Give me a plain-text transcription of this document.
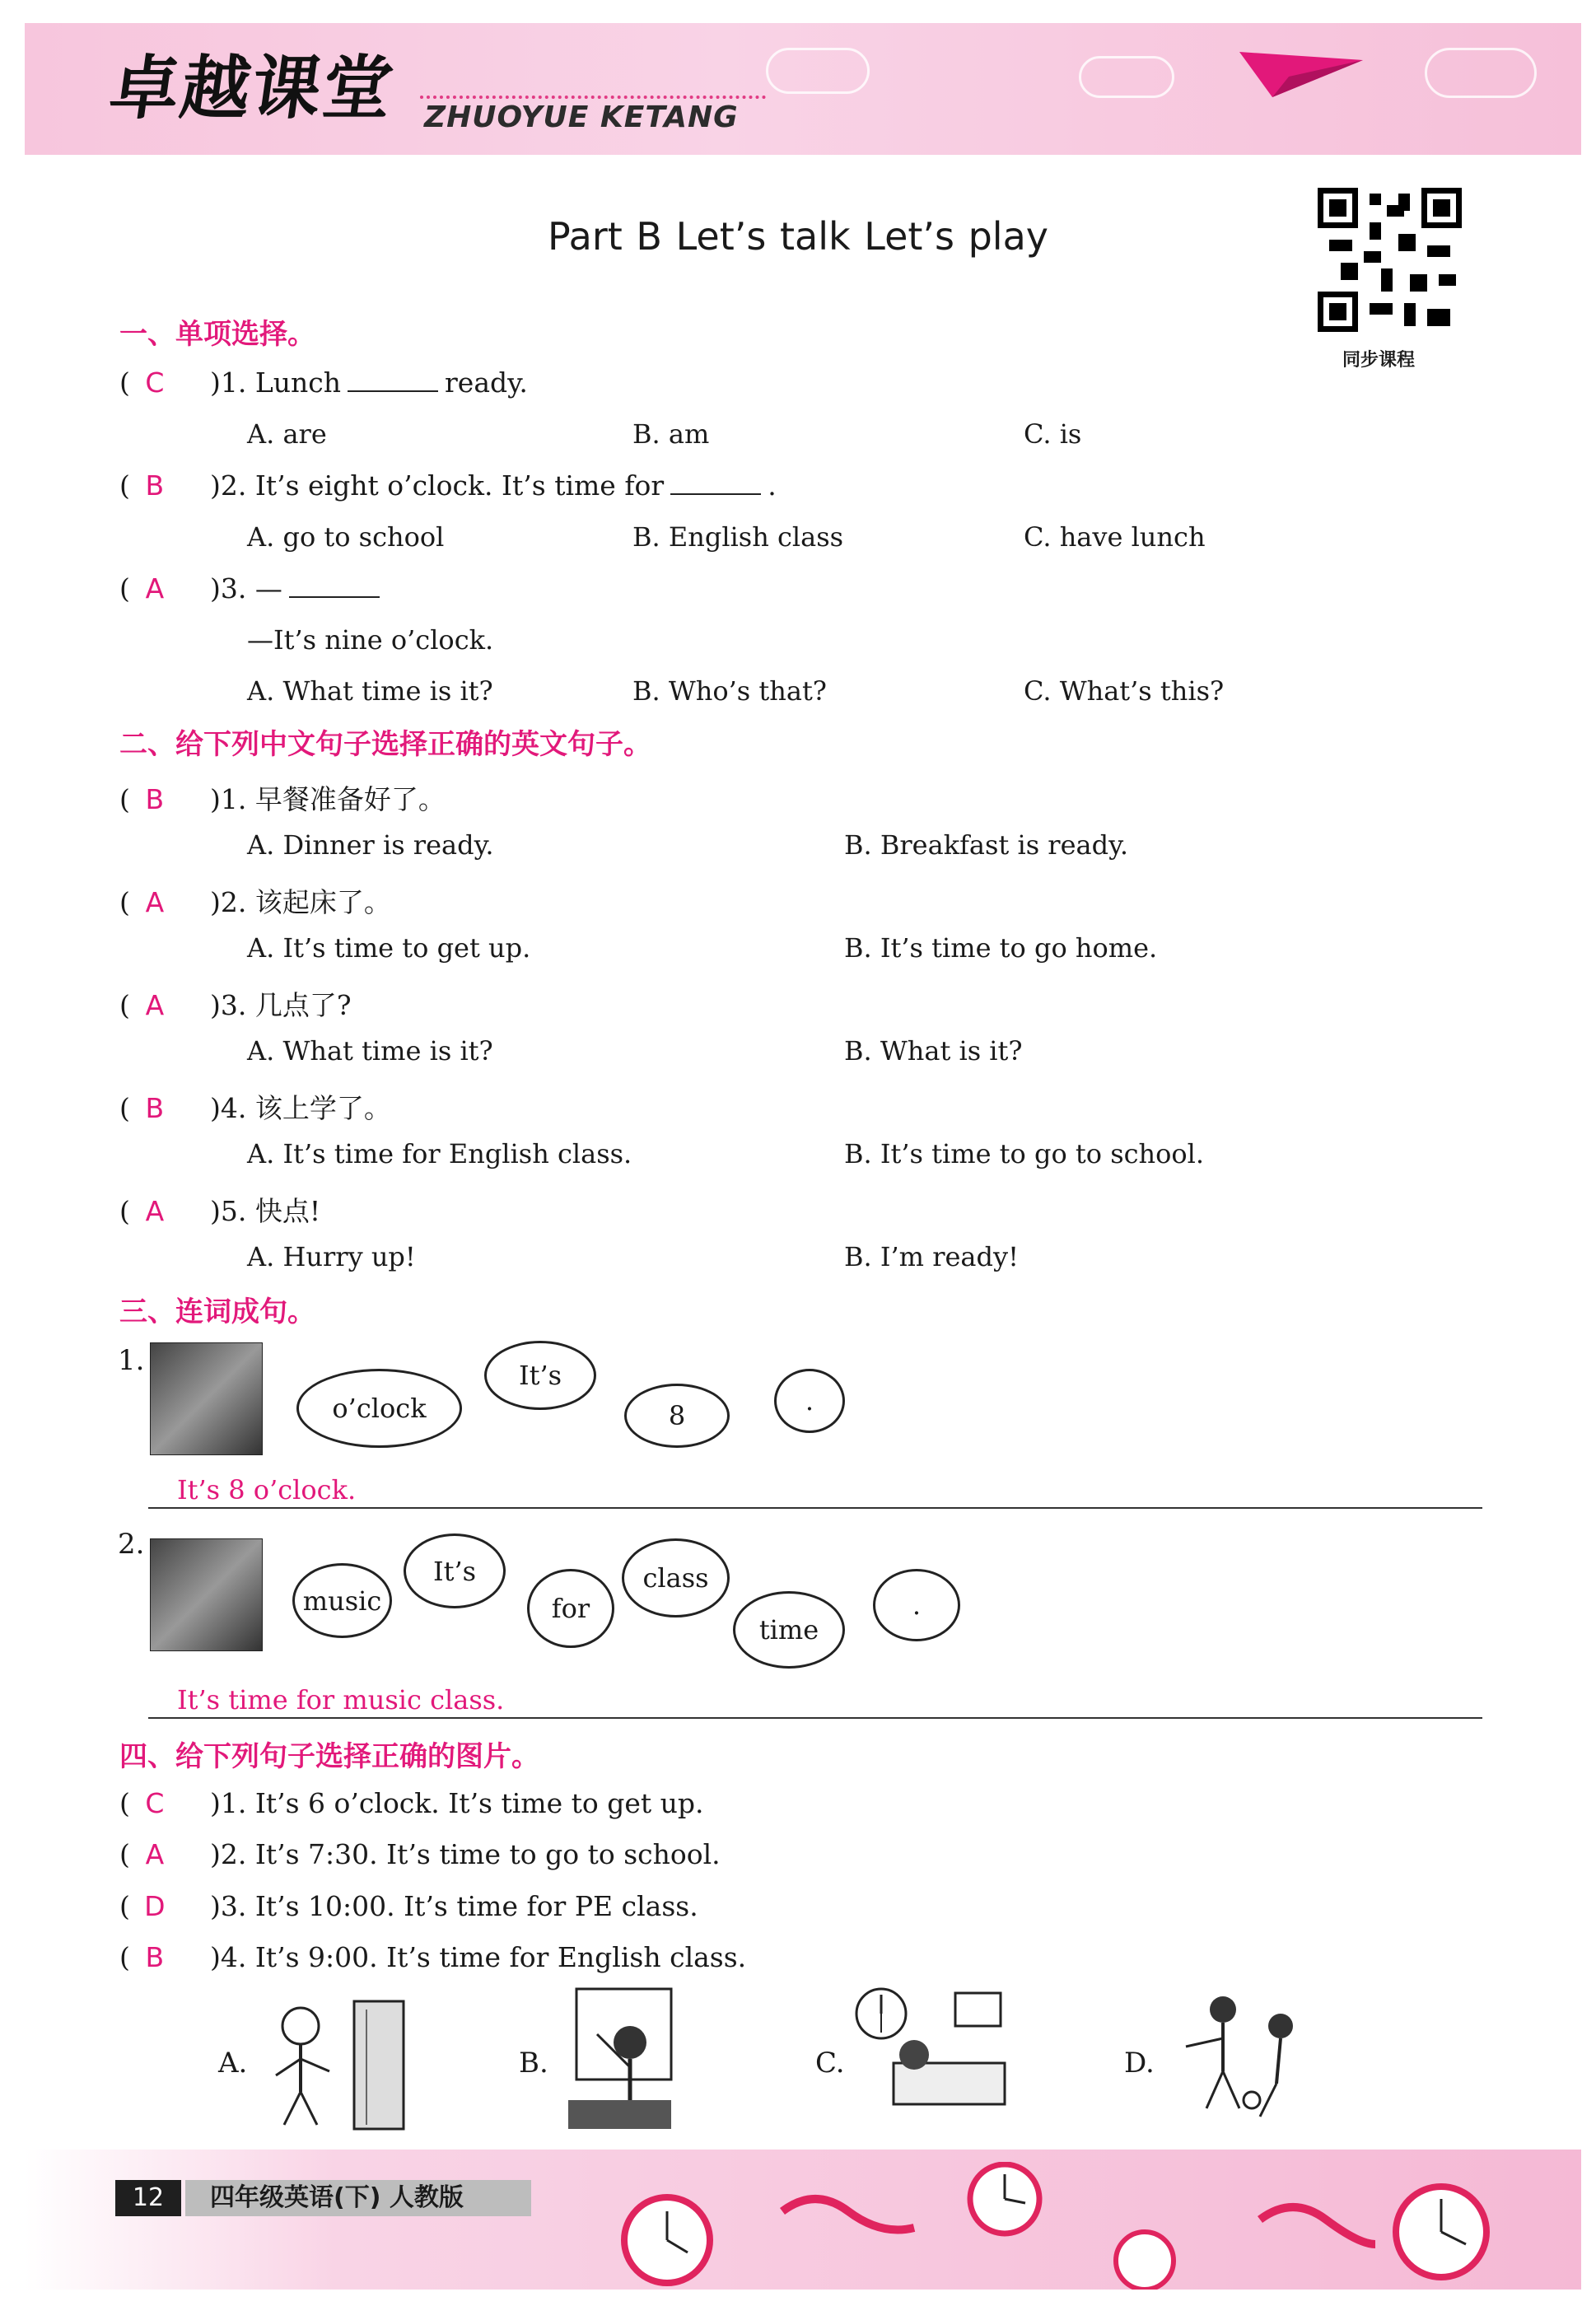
卓越课堂 ZHUOYUE KETANG
Part B Let’s talk Let’s play
同步课程
一、单项选择。
( C )1. Lunch	ready.
A. are	B. am	C. is
( B )2. It’s eight o’clock. It’s time for	.
A. go to school	B. English class	C. have lunch
( A )3. —
—It’s nine o’clock.
A. What time is it?	B. Who’s that?	C. What’s this?
二、给下列中文句子选择正确的英文句子。
( B )1. 早餐准备好了。
A. Dinner is ready.	B. Breakfast is ready.
( A )2. 该起床了。
A. It’s time to get up.	B. It’s time to go home.
( A )3. 几点了?
A. What time is it?	B. What is it?
( B )4. 该上学了。
A. It’s time for English class.	B. It’s time to go to school.
( A )5. 快点!
A. Hurry up!	B. I’m ready!
三、连词成句。
1.
o’clock
It’s
8	.
It’s 8 o’clock.
2.
music
It’s
for
class
time
.
It’s time for music class.
四、给下列句子选择正确的图片。
( C )1. It’s 6 o’clock. It’s time to get up.
( A )2. It’s 7:30. It’s time to go to school.
( D )3. It’s 10:00. It’s time for PE class.
( B )4. It’s 9:00. It’s time for English class.
A.	B.	C.	D.
12	四年级英语(下) 人教版
